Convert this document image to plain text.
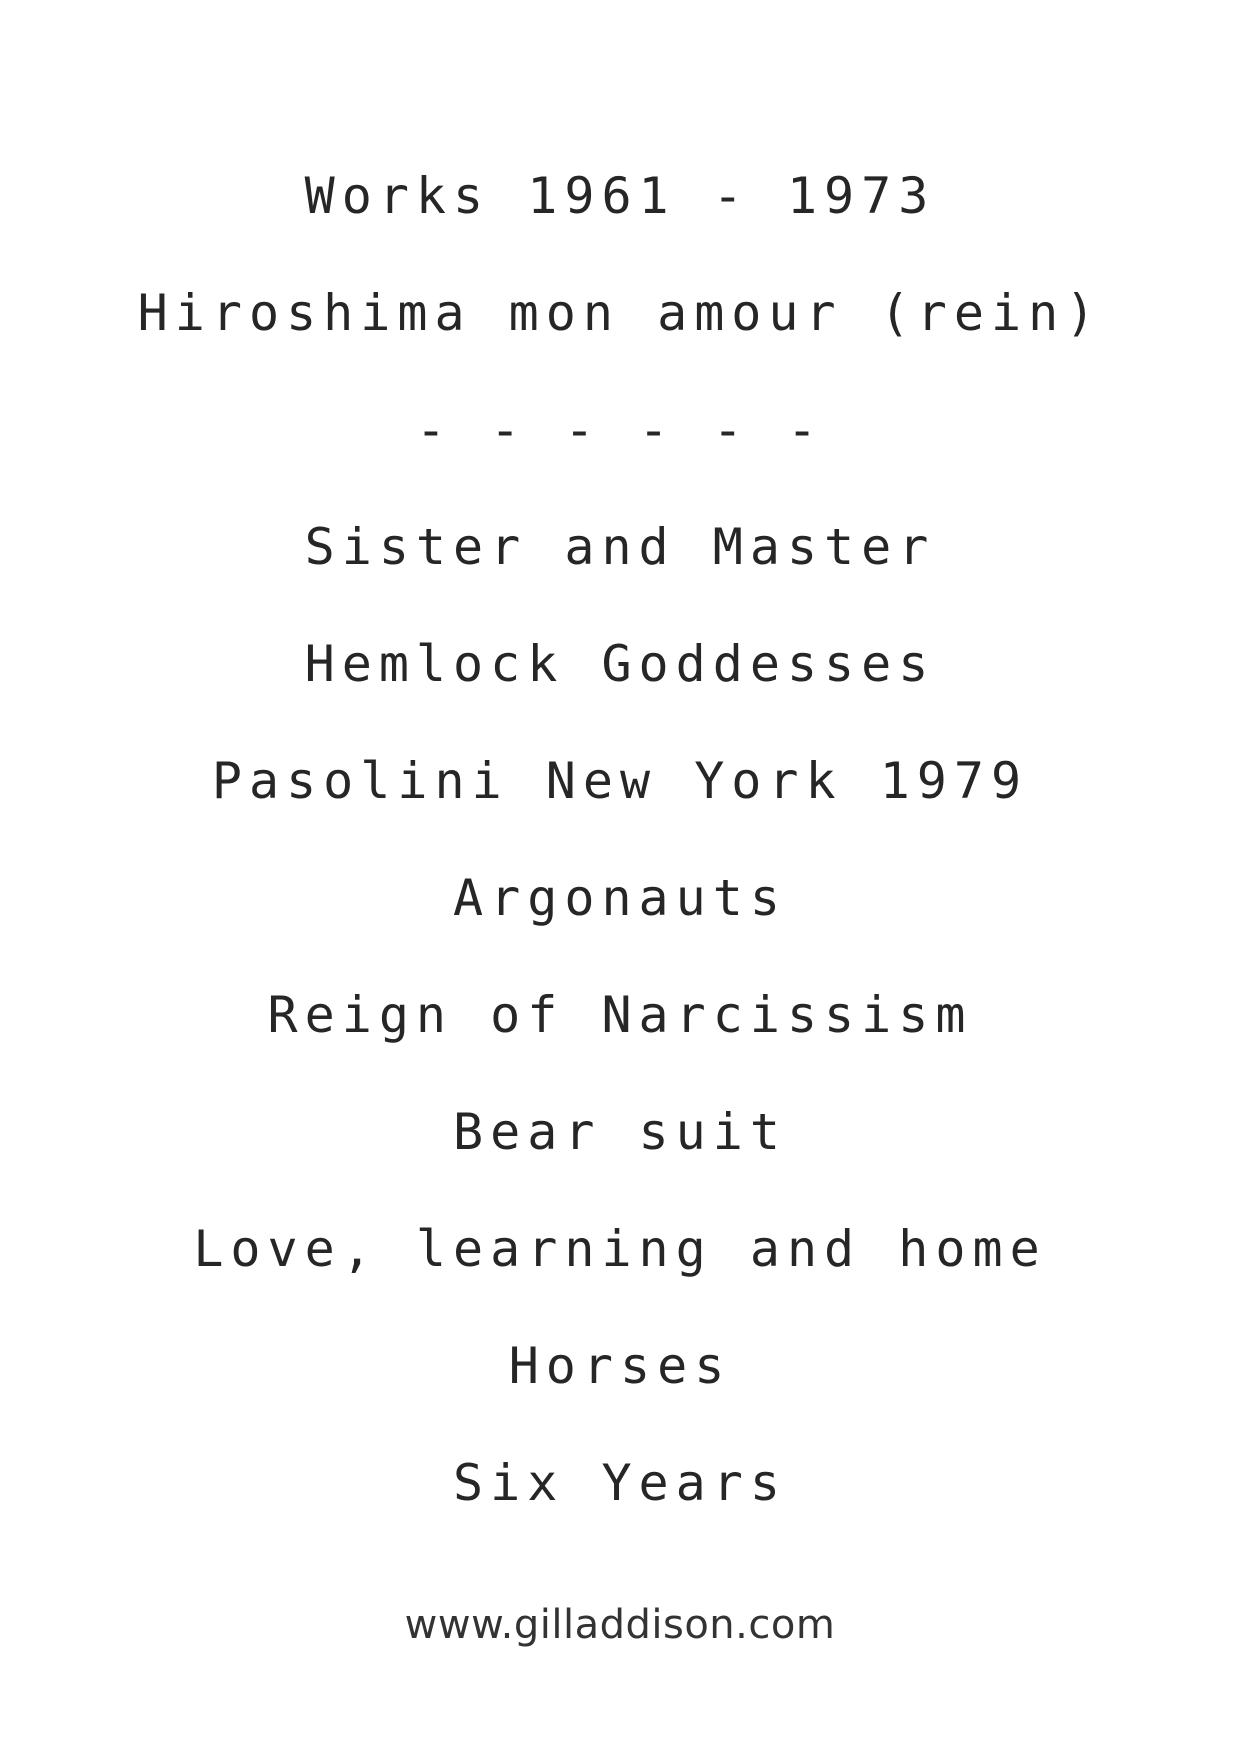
Works 1961 - 1973
Hiroshima mon amour (rein)
- - - - - -
Sister and Master
Hemlock Goddesses
Pasolini New York 1979
Argonauts
Reign of Narcissism
Bear suit
Love, learning and home
Horses
Six Years
www.gilladdison.com
